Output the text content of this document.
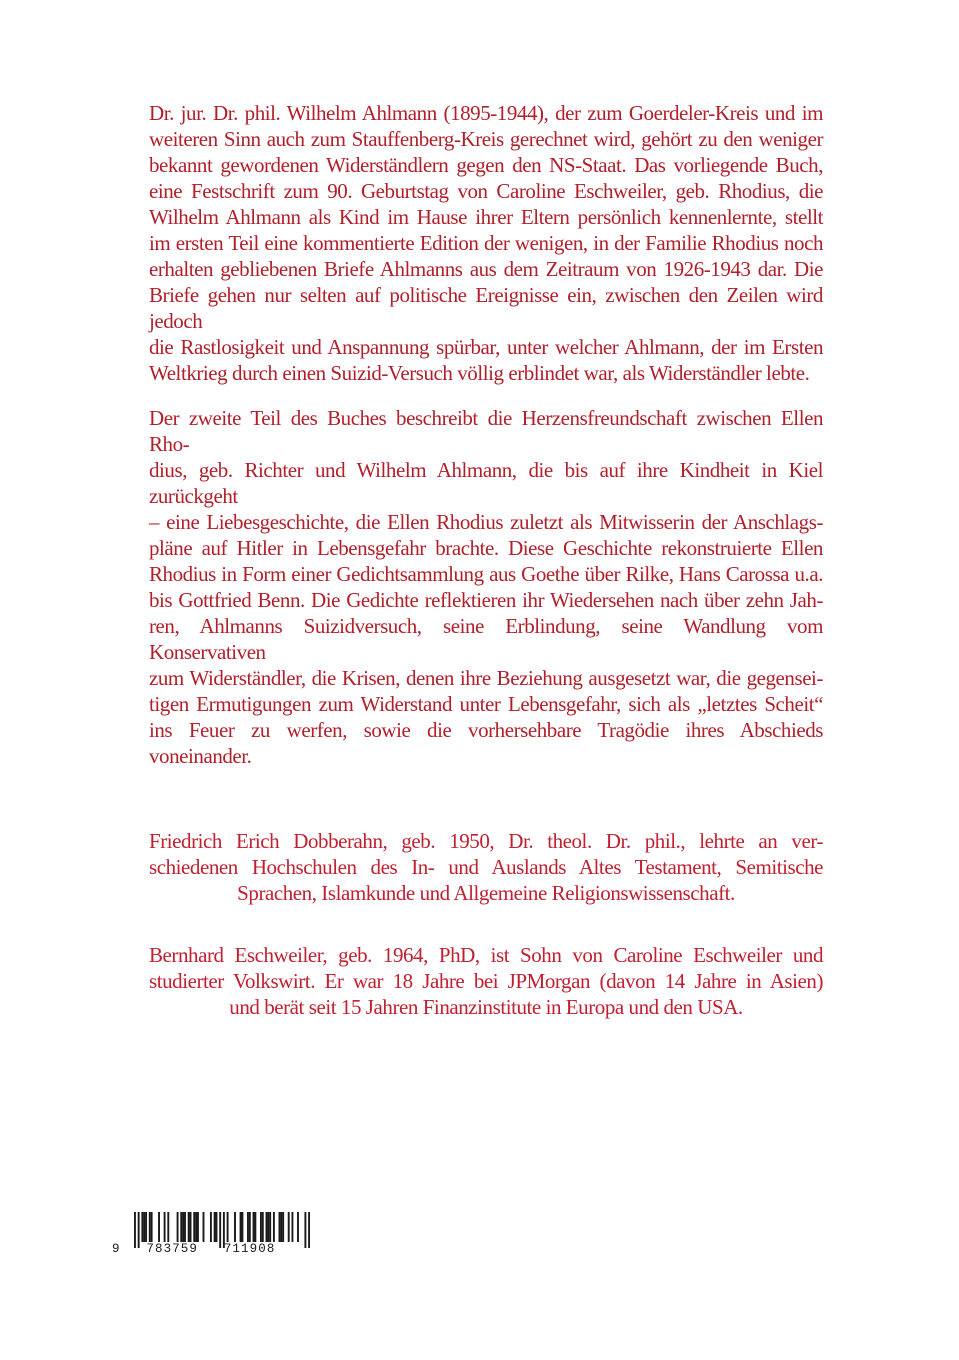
Dr. jur. Dr. phil. Wilhelm Ahlmann (1895-1944), der zum Goerdeler-Kreis und im

weiteren Sinn auch zum Stauffenberg-Kreis gerechnet wird, gehört zu den weniger

bekannt gewordenen Widerständlern gegen den NS-Staat. Das vorliegende Buch,

eine Festschrift zum 90. Geburtstag von Caroline Eschweiler, geb. Rhodius, die

Wilhelm Ahlmann als Kind im Hause ihrer Eltern persönlich kennenlernte, stellt

im ersten Teil eine kommentierte Edition der wenigen, in der Familie Rhodius noch

erhalten gebliebenen Briefe Ahlmanns aus dem Zeitraum von 1926-1943 dar. Die

Briefe gehen nur selten auf politische Ereignisse ein, zwischen den Zeilen wird jedoch

die Rastlosigkeit und Anspannung spürbar, unter welcher Ahlmann, der im Ersten

Weltkrieg durch einen Suizid-Versuch völlig erblindet war, als Widerständler lebte.

Der zweite Teil des Buches beschreibt die Herzensfreundschaft zwischen Ellen Rho-

dius, geb. Richter und Wilhelm Ahlmann, die bis auf ihre Kindheit in Kiel zurückgeht

– eine Liebesgeschichte, die Ellen Rhodius zuletzt als Mitwisserin der Anschlags-

pläne auf Hitler in Lebensgefahr brachte. Diese Geschichte rekonstruierte Ellen

Rhodius in Form einer Gedichtsammlung aus Goethe über Rilke, Hans Carossa u.a.

bis Gottfried Benn. Die Gedichte reflektieren ihr Wiedersehen nach über zehn Jah-

ren, Ahlmanns Suizidversuch, seine Erblindung, seine Wandlung vom Konservativen

zum Widerständler, die Krisen, denen ihre Beziehung ausgesetzt war, die gegensei-

tigen Ermutigungen zum Widerstand unter Lebensgefahr, sich als „letztes Scheit“

ins Feuer zu werfen, sowie die vorhersehbare Tragödie ihres Abschieds voneinander.

Friedrich Erich Dobberahn, geb. 1950, Dr. theol. Dr. phil., lehrte an ver-

schiedenen Hochschulen des In- und Auslands Altes Testament, Semitische

Sprachen, Islamkunde und Allgemeine Religionswissenschaft.

Bernhard Eschweiler, geb. 1964, PhD, ist Sohn von Caroline Eschweiler und

studierter Volkswirt. Er war 18 Jahre bei JPMorgan (davon 14 Jahre in Asien)

und berät seit 15 Jahren Finanzinstitute in Europa und den USA.

9   783759   711908
